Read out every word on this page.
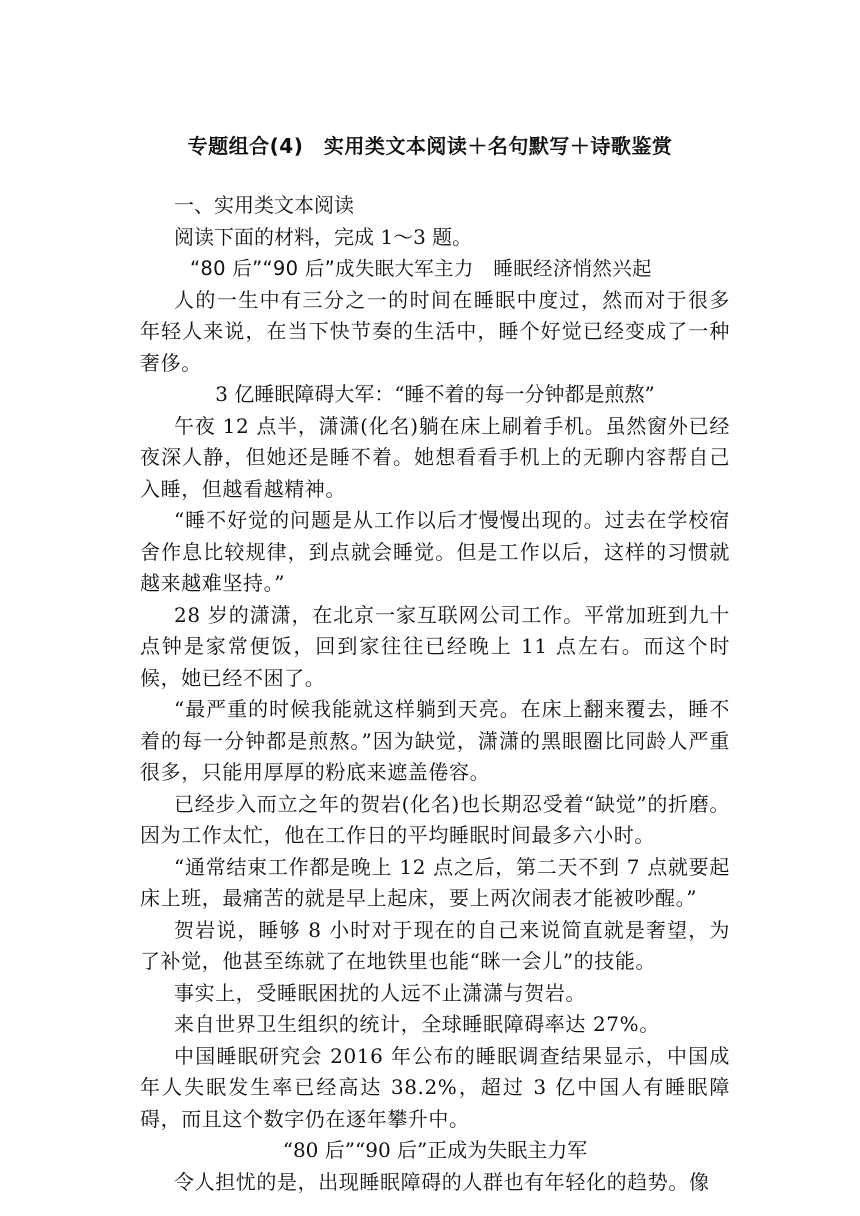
专题组合(4)　实用类文本阅读＋名句默写＋诗歌鉴赏

一、实用类文本阅读

阅读下面的材料，完成 1～3 题。

“80 后”“90 后”成失眠大军主力　睡眠经济悄然兴起

人的一生中有三分之一的时间在睡眠中度过，然而对于很多年轻人来说，在当下快节奏的生活中，睡个好觉已经变成了一种奢侈。

3 亿睡眠障碍大军：“睡不着的每一分钟都是煎熬”

午夜 12 点半，潇潇(化名)躺在床上刷着手机。虽然窗外已经夜深人静，但她还是睡不着。她想看看手机上的无聊内容帮自己入睡，但越看越精神。

“睡不好觉的问题是从工作以后才慢慢出现的。过去在学校宿舍作息比较规律，到点就会睡觉。但是工作以后，这样的习惯就越来越难坚持。”

28 岁的潇潇，在北京一家互联网公司工作。平常加班到九十点钟是家常便饭，回到家往往已经晚上 11 点左右。而这个时候，她已经不困了。

“最严重的时候我能就这样躺到天亮。在床上翻来覆去，睡不着的每一分钟都是煎熬。”因为缺觉，潇潇的黑眼圈比同龄人严重很多，只能用厚厚的粉底来遮盖倦容。

已经步入而立之年的贺岩(化名)也长期忍受着“缺觉”的折磨。因为工作太忙，他在工作日的平均睡眠时间最多六小时。

“通常结束工作都是晚上 12 点之后，第二天不到 7 点就要起床上班，最痛苦的就是早上起床，要上两次闹表才能被吵醒。”

贺岩说，睡够 8 小时对于现在的自己来说简直就是奢望，为了补觉，他甚至练就了在地铁里也能“眯一会儿”的技能。

事实上，受睡眠困扰的人远不止潇潇与贺岩。

来自世界卫生组织的统计，全球睡眠障碍率达 27%。

中国睡眠研究会 2016 年公布的睡眠调查结果显示，中国成年人失眠发生率已经高达 38.2%，超过 3 亿中国人有睡眠障碍，而且这个数字仍在逐年攀升中。

“80 后”“90 后”正成为失眠主力军

令人担忧的是，出现睡眠障碍的人群也有年轻化的趋势。像
